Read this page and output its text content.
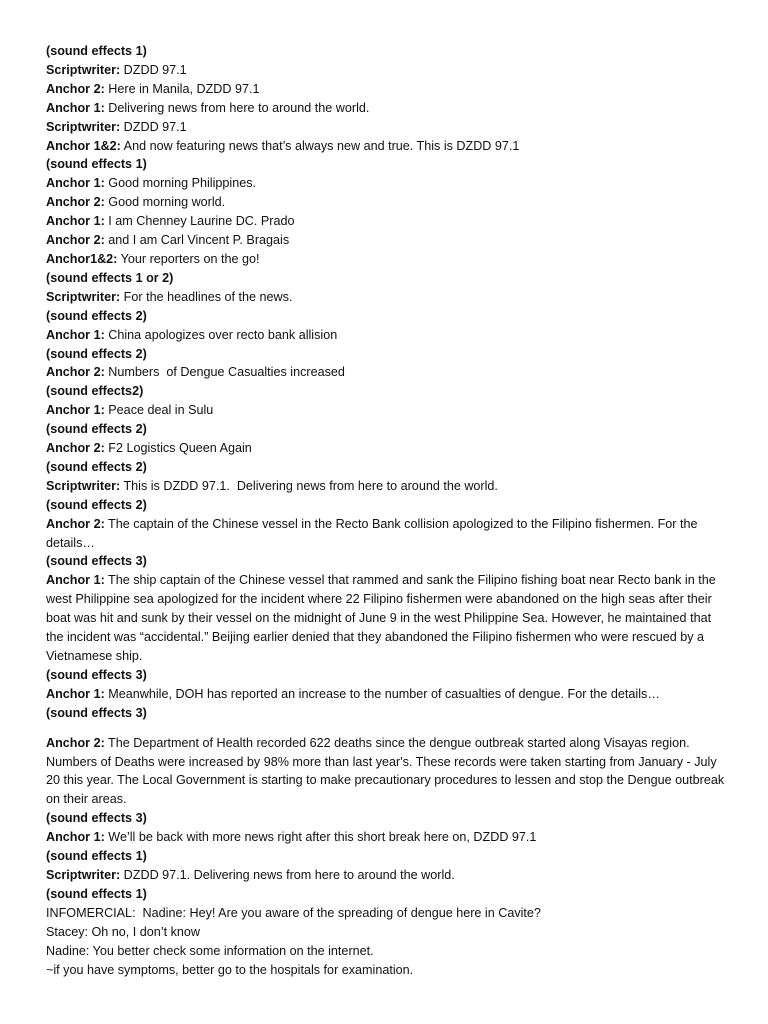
(sound effects 1)

Scriptwriter: DZDD 97.1

Anchor 2: Here in Manila, DZDD 97.1

Anchor 1: Delivering news from here to around the world.

Scriptwriter: DZDD 97.1

Anchor 1&2: And now featuring news that’s always new and true. This is DZDD 97.1

(sound effects 1)

Anchor 1: Good morning Philippines.

Anchor 2: Good morning world.

Anchor 1: I am Chenney Laurine DC. Prado

Anchor 2: and I am Carl Vincent P. Bragais

Anchor1&2: Your reporters on the go!

(sound effects 1 or 2)

Scriptwriter: For the headlines of the news.

(sound effects 2)

Anchor 1: China apologizes over recto bank allision

(sound effects 2)

Anchor 2: Numbers  of Dengue Casualties increased

(sound effects2)

Anchor 1: Peace deal in Sulu

(sound effects 2)

Anchor 2: F2 Logistics Queen Again

(sound effects 2)

Scriptwriter: This is DZDD 97.1.  Delivering news from here to around the world.

(sound effects 2)

Anchor 2: The captain of the Chinese vessel in the Recto Bank collision apologized to the Filipino fishermen. For the details…

(sound effects 3)

Anchor 1: The ship captain of the Chinese vessel that rammed and sank the Filipino fishing boat near Recto bank in the west Philippine sea apologized for the incident where 22 Filipino fishermen were abandoned on the high seas after their boat was hit and sunk by their vessel on the midnight of June 9 in the west Philippine Sea. However, he maintained that the incident was “accidental.” Beijing earlier denied that they abandoned the Filipino fishermen who were rescued by a Vietnamese ship.

(sound effects 3)

Anchor 1: Meanwhile, DOH has reported an increase to the number of casualties of dengue. For the details…

(sound effects 3)

Anchor 2: The Department of Health recorded 622 deaths since the dengue outbreak started along Visayas region. Numbers of Deaths were increased by 98% more than last year's. These records were taken starting from January - July 20 this year. The Local Government is starting to make precautionary procedures to lessen and stop the Dengue outbreak on their areas.

(sound effects 3)

Anchor 1: We’ll be back with more news right after this short break here on, DZDD 97.1

(sound effects 1)

Scriptwriter: DZDD 97.1. Delivering news from here to around the world.

(sound effects 1)

INFOMERCIAL:  Nadine: Hey! Are you aware of the spreading of dengue here in Cavite?

Stacey: Oh no, I don’t know

Nadine: You better check some information on the internet.

~if you have symptoms, better go to the hospitals for examination.
